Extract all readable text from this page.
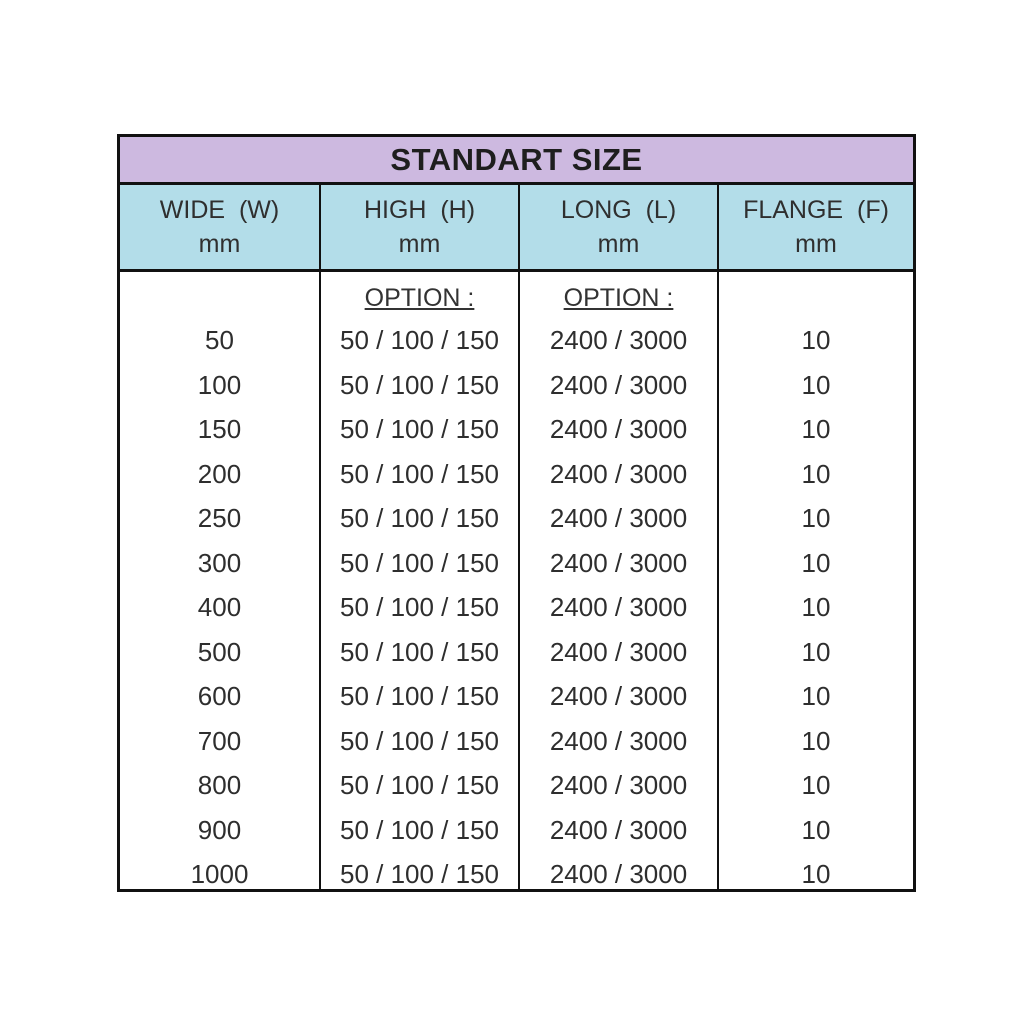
STANDART SIZE
WIDE  (W)
mm
HIGH  (H)
mm
LONG  (L)
mm
FLANGE  (F)
mm
50
100
150
200
250
300
400
500
600
700
800
900
1000
OPTION :
50 / 100 / 150
50 / 100 / 150
50 / 100 / 150
50 / 100 / 150
50 / 100 / 150
50 / 100 / 150
50 / 100 / 150
50 / 100 / 150
50 / 100 / 150
50 / 100 / 150
50 / 100 / 150
50 / 100 / 150
50 / 100 / 150
OPTION :
2400 / 3000
2400 / 3000
2400 / 3000
2400 / 3000
2400 / 3000
2400 / 3000
2400 / 3000
2400 / 3000
2400 / 3000
2400 / 3000
2400 / 3000
2400 / 3000
2400 / 3000
10
10
10
10
10
10
10
10
10
10
10
10
10
